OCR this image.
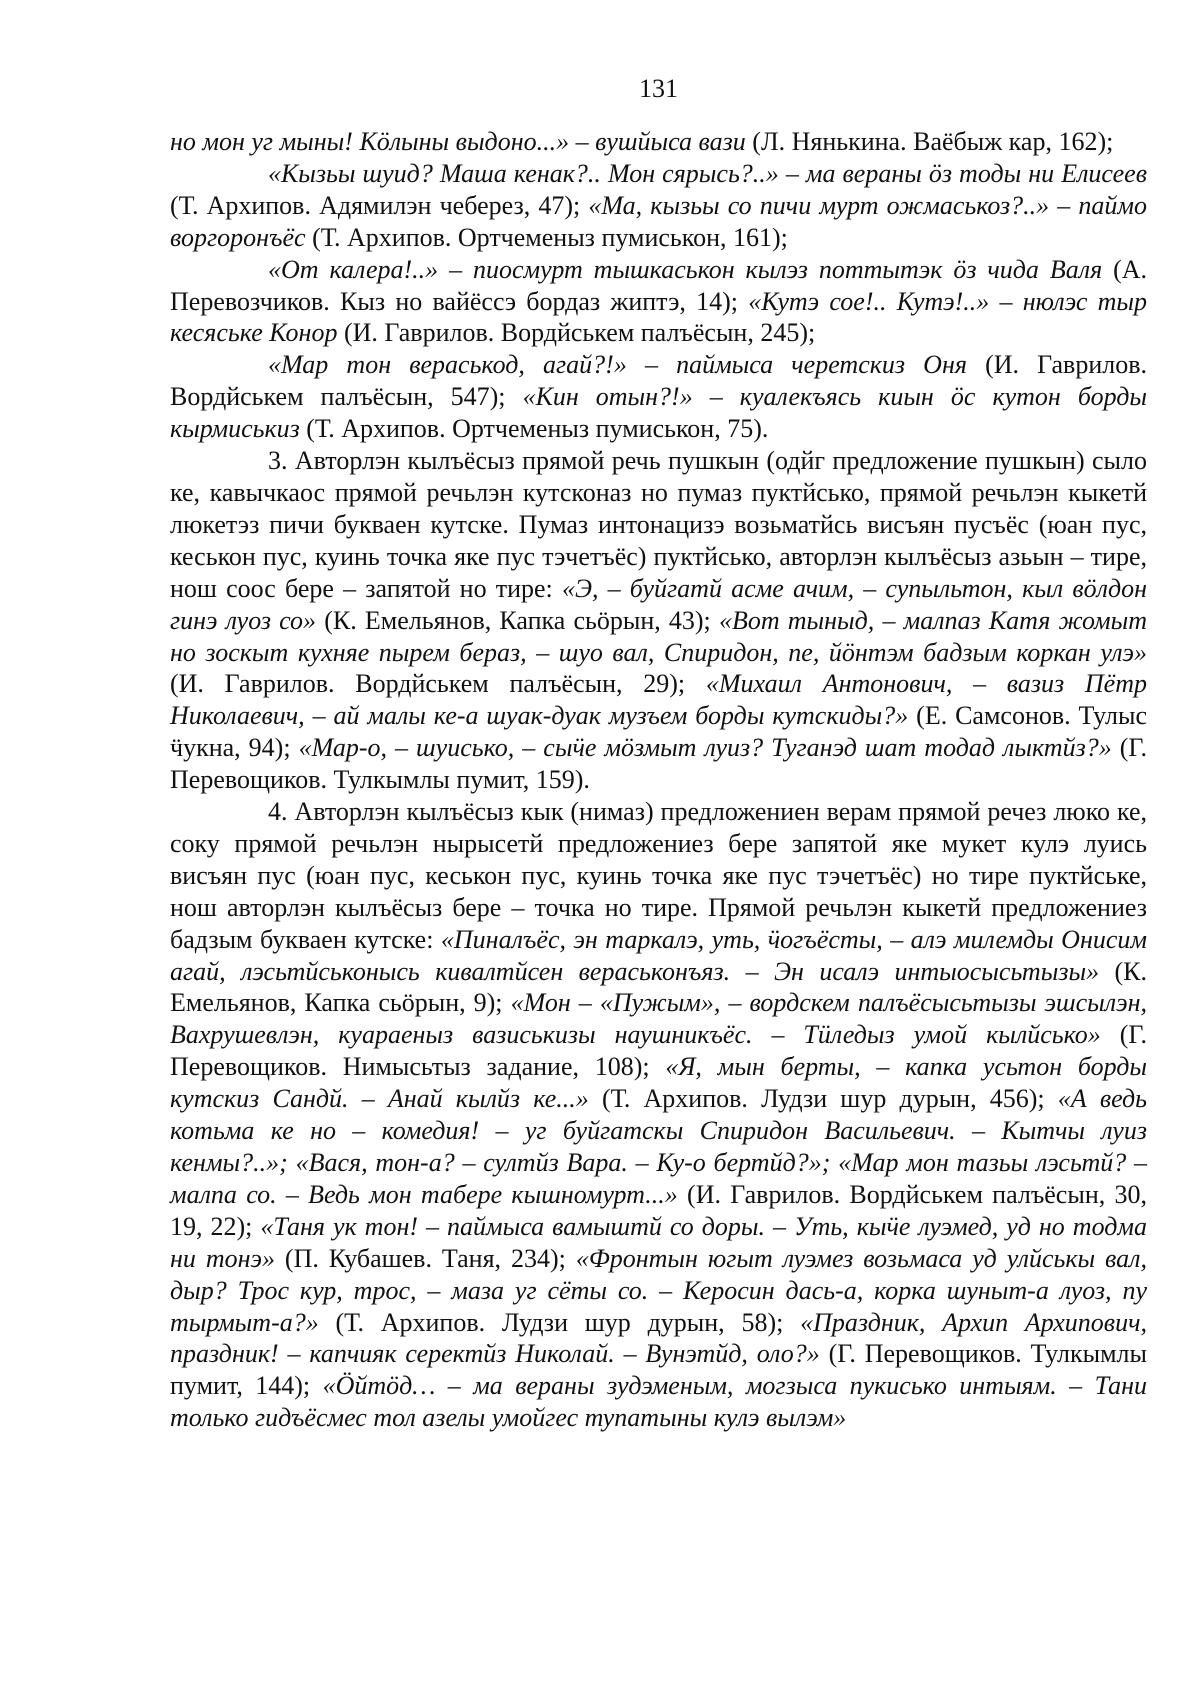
131

но мон уг мыны! Кӧлыны выдоно...» – вушйыса вази (Л. Нянькина. Ваёбыж кар, 162);

«Кызьы шуид? Маша кенак?.. Мон сярысь?..» – ма вераны ӧз тоды ни Елисеев (Т. Архипов. Адямилэн чеберез, 47); «Ма, кызьы со пичи мурт ожмаськоз?..» – паймо воргоронъёс (Т. Архипов. Ортчеменыз пумиськон, 161);

«От калера!..» – пиосмурт тышкаськон кылэз поттытэк ӧз чида Валя (А. Перевозчиков. Кыз но вайёссэ бордаз жиптэ, 14); «Кутэ сое!.. Кутэ!..» – нюлэс тыр кесяське Конор (И. Гаврилов. Вордйськем палъёсын, 245);

«Мар тон вераськод, агай?!» – паймыса черетскиз Оня (И. Гаврилов. Вордйськем палъёсын, 547); «Кин отын?!» – куалекъясь киын ӧс кутон борды кырмиськиз (Т. Архипов. Ортчеменыз пумиськон, 75).

3. Авторлэн кылъёсыз прямой речь пушкын (одйг предложение пушкын) сыло ке, кавычкаос прямой речьлэн кутсконаз но пумаз пуктйсько, прямой речьлэн кыкетй люкетэз пичи букваен кутске. Пумаз интонацизэ возьматйсь висъян пусъёс (юан пус, кеськон пус, куинь точка яке пус тэчетъёс) пуктйсько, авторлэн кылъёсыз азьын – тире, нош соос бере – запятой но тире: «Э, – буйгатй асме ачим, – супыльтон, кыл вӧлдон гинэ луоз со» (К. Емельянов, Капка сьӧрын, 43); «Вот тыныд, – малпаз Катя жомыт но зоскыт кухняе пырем бераз, – шуо вал, Спиридон, пе, йӧнтэм бадзым коркан улэ» (И. Гаврилов. Вордйськем палъёсын, 29); «Михаил Антонович, – вазиз Пётр Николаевич, – ай малы ке-а шуак-дуак музъем борды кутскиды?» (Е. Самсонов. Тулыс ӵукна, 94); «Мар-о, – шуисько, – сыӵе мӧзмыт луиз? Туганэд шат тодад лыктйз?» (Г. Перевощиков. Тулкымлы пумит, 159).

4. Авторлэн кылъёсыз кык (нимаз) предложениен верам прямой речез люко ке, соку прямой речьлэн нырысетй предложениез бере запятой яке мукет кулэ луись висъян пус (юан пус, кеськон пус, куинь точка яке пус тэчетъёс) но тире пуктйське, нош авторлэн кылъёсыз бере – точка но тире. Прямой речьлэн кыкетй предложениез бадзым букваен кутске: «Пиналъёс, эн таркалэ, уть, ӵогъёсты, – алэ милемды Онисим агай, лэсьтйськонысь кивалтйсен вераськонъяз. – Эн исалэ интыосысьтызы» (К. Емельянов, Капка сьӧрын, 9); «Мон – «Пужым», – вордскем палъёсысьтызы эшсылэн, Вахрушевлэн, куараеныз вазиськизы наушникъёс. – Тӥледыз умой кылйсько» (Г. Перевощиков. Нимысьтыз задание, 108); «Я, мын берты, – капка усьтон борды кутскиз Сандй. – Анай кылйз ке...» (Т. Архипов. Лудзи шур дурын, 456); «А ведь котьма ке но – комедия! – уг буйгатскы Спиридон Васильевич. – Кытчы луиз кенмы?..»; «Вася, тон-а? – султйз Вара. – Ку-о бертйд?»; «Мар мон тазьы лэсьтй? – малпа со. – Ведь мон табере кышномурт...» (И. Гаврилов. Вордйськем палъёсын, 30, 19, 22); «Таня ук тон! – паймыса вамыштй со доры. – Уть, кыӵе луэмед, уд но тодма ни тонэ» (П. Кубашев. Таня, 234); «Фронтын югыт луэмез возьмаса уд улйськы вал, дыр? Трос кур, трос, – маза уг сёты со. – Керосин дась-а, корка шуныт-а луоз, пу тырмыт-а?» (Т. Архипов. Лудзи шур дурын, 58); «Праздник, Архип Архипович, праздник! – капчияк серектйз Николай. – Вунэтйд, оло?» (Г. Перевощиков. Тулкымлы пумит, 144); «Ӧйтӧд… – ма вераны зудэменым, могзыса пукисько интыям. – Тани только гидъёсмес тол азелы умойгес тупатыны кулэ вылэм»
